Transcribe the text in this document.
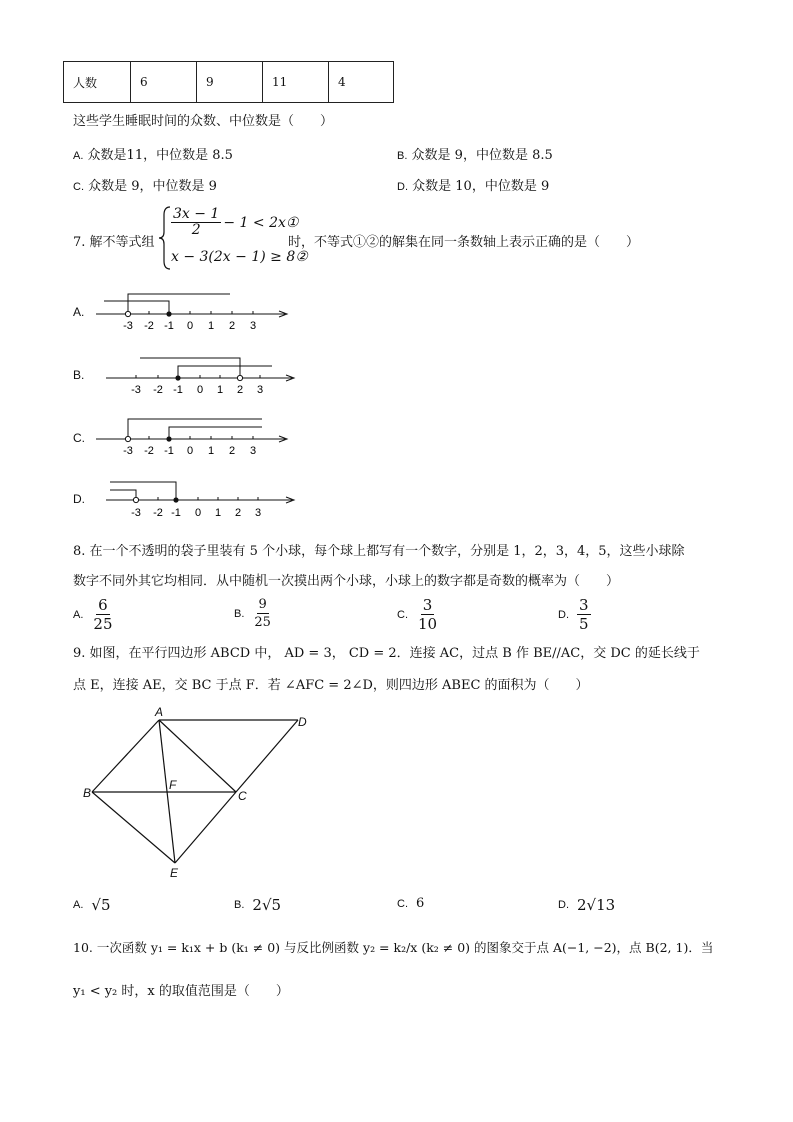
人数	6	9	11	4
这些学生睡眠时间的众数、中位数是（　　）
A. 众数是11，中位数是 8.5	B. 众数是 9，中位数是 8.5
C. 众数是 9，中位数是 9	D. 众数是 10，中位数是 9
7. 解不等式组
$\frac{3x - 1}{2} - 1$ < 2x①
x − 3(2x − 1) ≥ 8②
时，不等式①②的解集在同一条数轴上表示正确的是（　　）
A.
B.
C.
D.
-3 -2 -1 0 1 2 3
-3 -2 -1 0 1 2 3
-3 -2 -1 0 1 2 3
-3 -2 -1 0 1 2 3
8. 在一个不透明的袋子里装有 5 个小球，每个球上都写有一个数字，分别是 1，2，3，4，5，这些小球除
数字不同外其它均相同．从中随机一次摸出两个小球，小球上的数字都是奇数的概率为（　　）
A. $\frac{6}{25}$	B. $\frac{9}{25}$	C. $\frac{3}{10}$	D. $\frac{3}{5}$
9. 如图，在平行四边形 ABCD 中， AD = 3， CD = 2．连接 AC，过点 B 作 BE//AC，交 DC 的延长线于
点 E，连接 AE，交 BC 于点 F．若 ∠AFC = 2∠D，则四边形 ABEC 的面积为（　　）
A
D
B	C
F
E
A. √5	B. 2√5	C. 6	D. 2√13
10. 一次函数 y₁ = k₁x + b (k₁ ≠ 0) 与反比例函数 y₂ = k₂/x (k₂ ≠ 0) 的图象交于点 A(−1, −2)，点 B(2, 1)．当
y₁ < y₂ 时，x 的取值范围是（　　）
